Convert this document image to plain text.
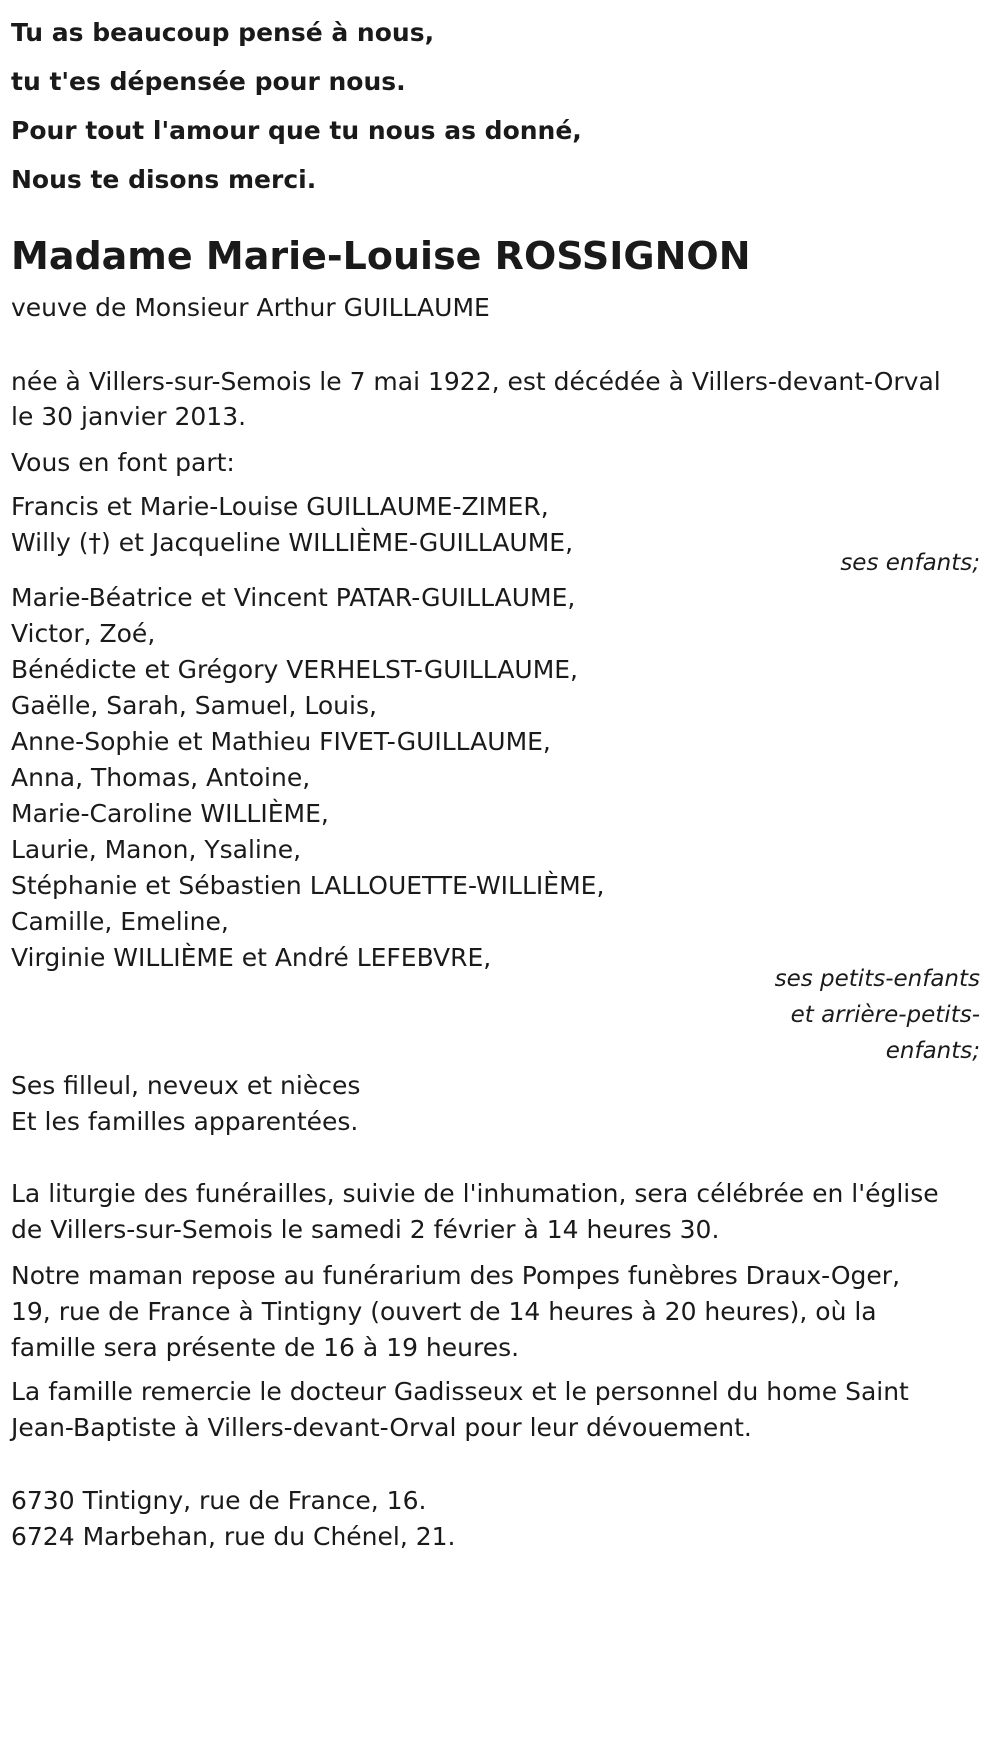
Tu as beaucoup pensé à nous,
tu t'es dépensée pour nous.
Pour tout l'amour que tu nous as donné,
Nous te disons merci.
Madame Marie-Louise ROSSIGNON
veuve de Monsieur Arthur GUILLAUME
née à Villers-sur-Semois le 7 mai 1922, est décédée à Villers-devant-Orval
le 30 janvier 2013.
Vous en font part:
Francis et Marie-Louise GUILLAUME-ZIMER,
Willy (†) et Jacqueline WILLIÈME-GUILLAUME,
ses enfants;
Marie-Béatrice et Vincent PATAR-GUILLAUME,
Victor, Zoé,
Bénédicte et Grégory VERHELST-GUILLAUME,
Gaëlle, Sarah, Samuel, Louis,
Anne-Sophie et Mathieu FIVET-GUILLAUME,
Anna, Thomas, Antoine,
Marie-Caroline WILLIÈME,
Laurie, Manon, Ysaline,
Stéphanie et Sébastien LALLOUETTE-WILLIÈME,
Camille, Emeline,
Virginie WILLIÈME et André LEFEBVRE,
ses petits-enfants
et arrière-petits-
enfants;
Ses filleul, neveux et nièces
Et les familles apparentées.
La liturgie des funérailles, suivie de l'inhumation, sera célébrée en l'église
de Villers-sur-Semois le samedi 2 février à 14 heures 30.
Notre maman repose au funérarium des Pompes funèbres Draux-Oger,
19, rue de France à Tintigny (ouvert de 14 heures à 20 heures), où la
famille sera présente de 16 à 19 heures.
La famille remercie le docteur Gadisseux et le personnel du home Saint
Jean-Baptiste à Villers-devant-Orval pour leur dévouement.
6730 Tintigny, rue de France, 16.
6724 Marbehan, rue du Chénel, 21.
